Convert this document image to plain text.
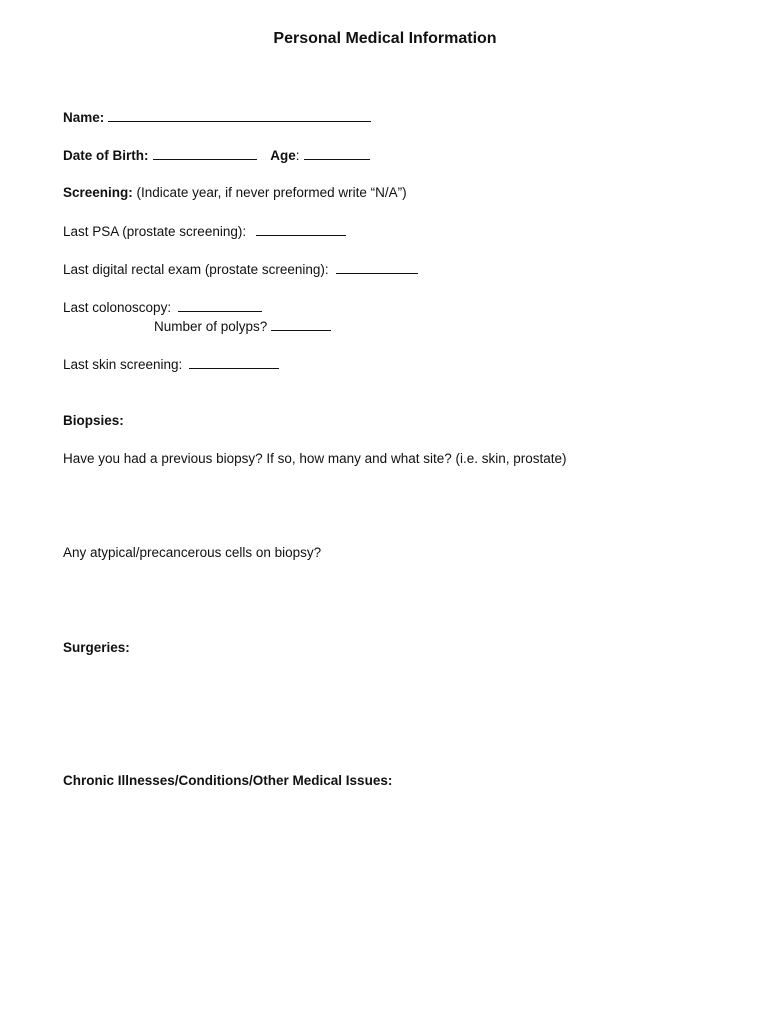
Personal Medical Information
Name:
Date of Birth:	Age:
Screening: (Indicate year, if never preformed write “N/A”)
Last PSA (prostate screening):
Last digital rectal exam (prostate screening):
Last colonoscopy:
Number of polyps?
Last skin screening:
Biopsies:
Have you had a previous biopsy? If so, how many and what site? (i.e. skin, prostate)
Any atypical/precancerous cells on biopsy?
Surgeries:
Chronic Illnesses/Conditions/Other Medical Issues:
